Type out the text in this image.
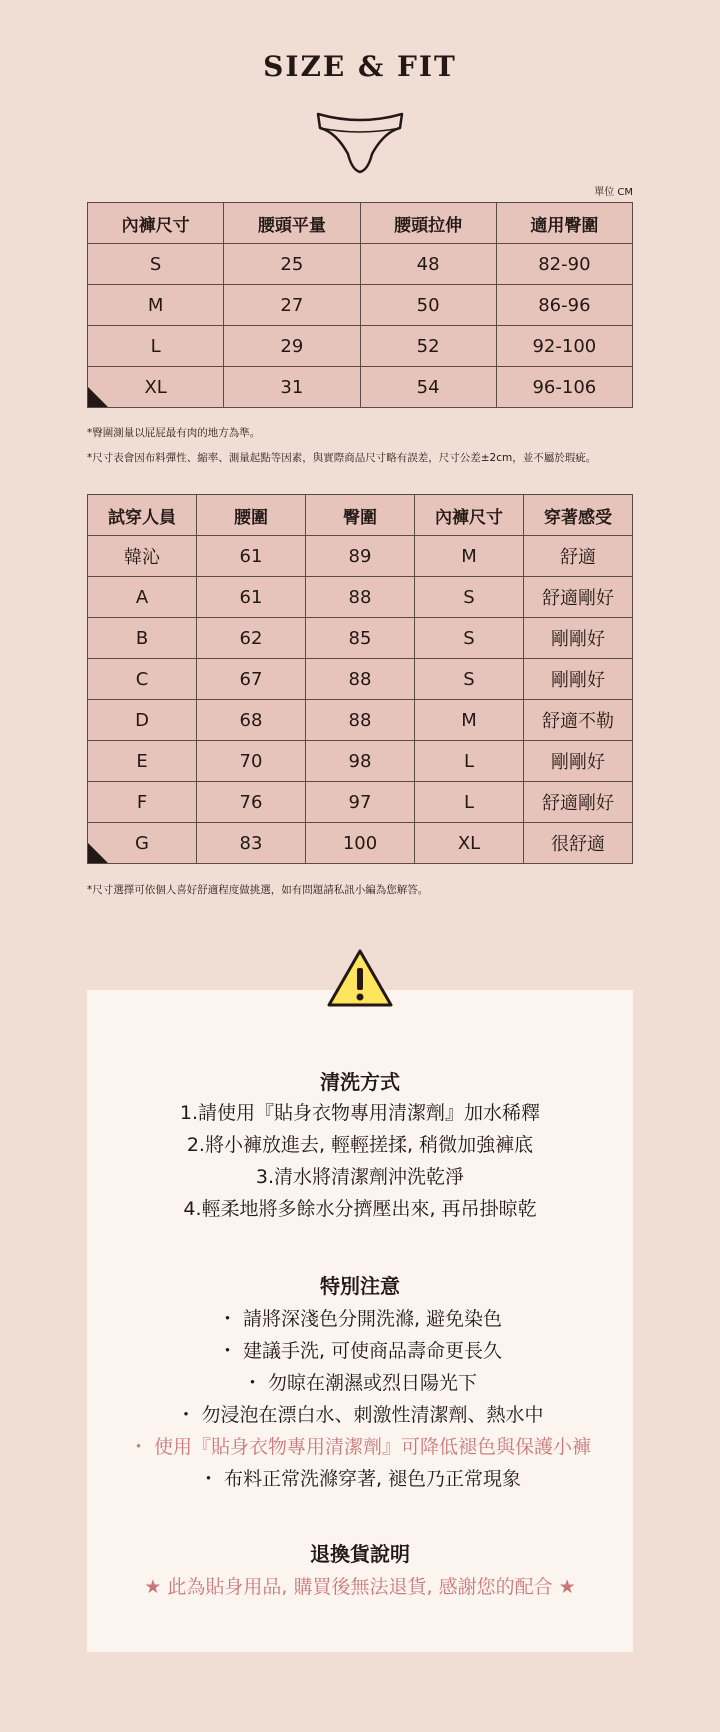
SIZE & FIT
單位 CM
內褲尺寸	腰頭平量	腰頭拉伸	適用臀圍
S	25	48	82-90
M	27	50	86-96
L	29	52	92-100
XL	31	54	96-106
*臀圍測量以屁屁最有肉的地方為準。
*尺寸表會因布料彈性、縮率、測量起點等因素，與實際商品尺寸略有誤差，尺寸公差±2cm，並不屬於瑕疵。
試穿人員	腰圍	臀圍	內褲尺寸	穿著感受
韓沁	61	89	M	舒適
A	61	88	S	舒適剛好
B	62	85	S	剛剛好
C	67	88	S	剛剛好
D	68	88	M	舒適不勒
E	70	98	L	剛剛好
F	76	97	L	舒適剛好
G	83	100	XL	很舒適
*尺寸選擇可依個人喜好舒適程度做挑選，如有問題請私訊小編為您解答。
清洗方式
1.請使用『貼身衣物專用清潔劑』加水稀釋
2.將小褲放進去, 輕輕搓揉, 稍微加強褲底
3.清水將清潔劑沖洗乾淨
4.輕柔地將多餘水分擠壓出來, 再吊掛晾乾
特別注意
・ 請將深淺色分開洗滌, 避免染色
・ 建議手洗, 可使商品壽命更長久
・ 勿晾在潮濕或烈日陽光下
・ 勿浸泡在漂白水、刺激性清潔劑、熱水中
・ 使用『貼身衣物專用清潔劑』可降低褪色與保護小褲
・ 布料正常洗滌穿著, 褪色乃正常現象
退換貨說明
★ 此為貼身用品, 購買後無法退貨, 感謝您的配合 ★
